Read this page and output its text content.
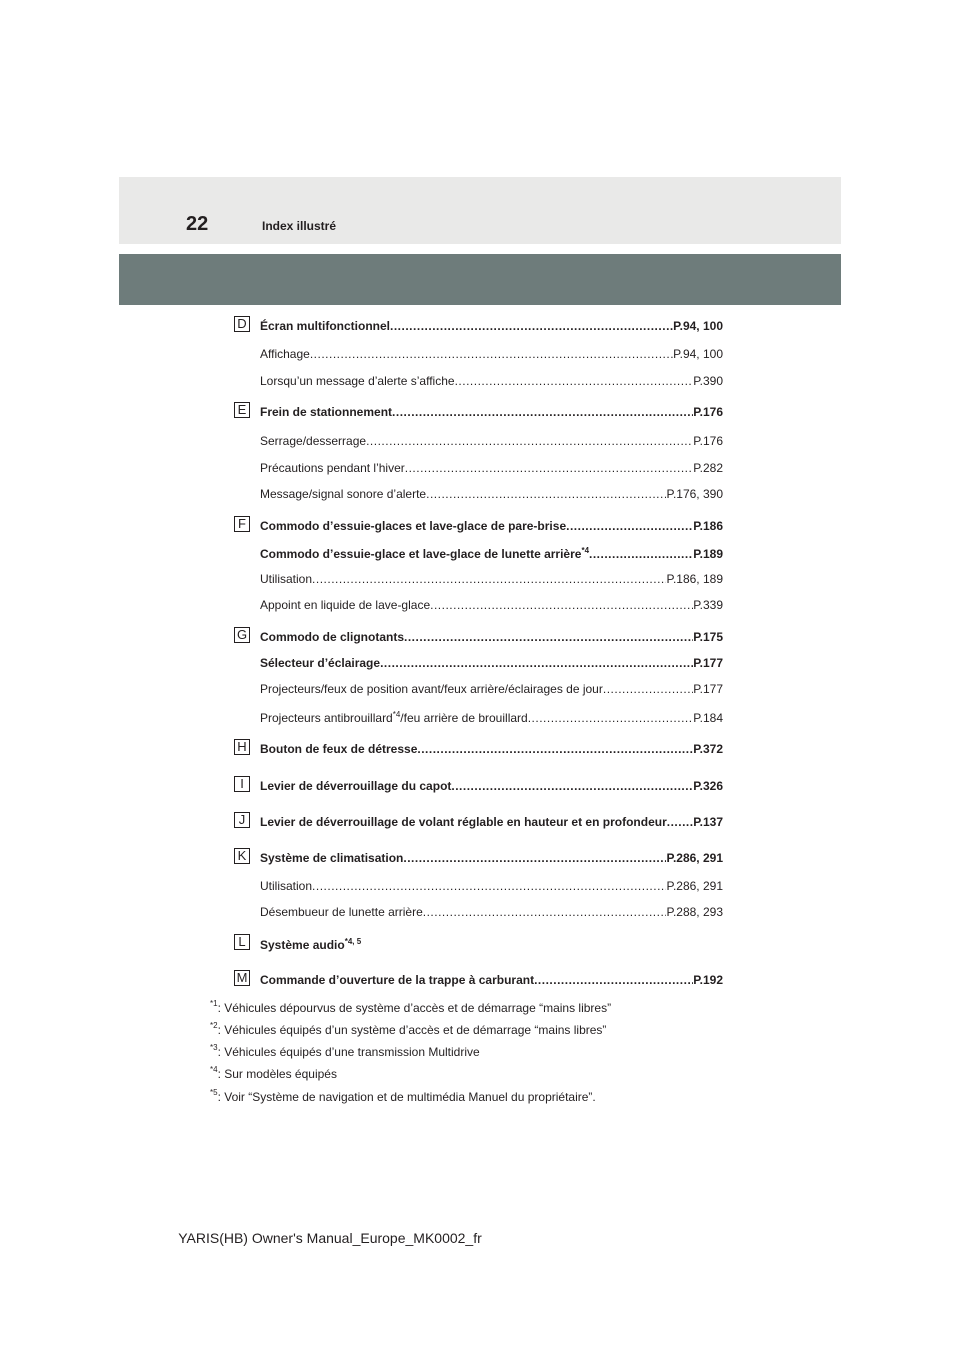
22	Index illustré
D Écran multifonctionnel .....	P.94, 100
Affichage .....	P.94, 100
Lorsqu’un message d’alerte s’affiche .....	P.390
E	Frein de stationnement .....	P.176
Serrage/desserrage .....	P.176
Précautions pendant l’hiver .....	P.282
Message/signal sonore d’alerte .....	P.176, 390
F	Commodo d’essuie-glaces et lave-glace de pare-brise .....	P.186
Commodo d’essuie-glace et lave-glace de lunette arrière$^{*4}$ .....	P.189
Utilisation .....	P.186, 189
Appoint en liquide de lave-glace .....	P.339
G Commodo de clignotants .....	P.175
Sélecteur d’éclairage .....	P.177
Projecteurs/feux de position avant/feux arrière/éclairages de jour .....	P.177
Projecteurs antibrouillard$^{*4}$/feu arrière de brouillard .....	P.184
H Bouton de feux de détresse .....	P.372
I	Levier de déverrouillage du capot .....	P.326
J	Levier de déverrouillage de volant réglable en hauteur et en profondeur ..... P.137
K	Système de climatisation .....	P.286, 291
Utilisation .....	P.286, 291
Désembueur de lunette arrière .....	P.288, 293
L	Système audio$^{*4, 5}$
M Commande d’ouverture de la trappe à carburant .....	P.192
$^{*1}$: Véhicules dépourvus de système d’accès et de démarrage “mains libres”
$^{*2}$: Véhicules équipés d’un système d’accès et de démarrage “mains libres”
$^{*3}$: Véhicules équipés d’une transmission Multidrive
$^{*4}$: Sur modèles équipés
$^{*5}$: Voir “Système de navigation et de multimédia Manuel du propriétaire”.
YARIS(HB) Owner's Manual_Europe_MK0002_fr
